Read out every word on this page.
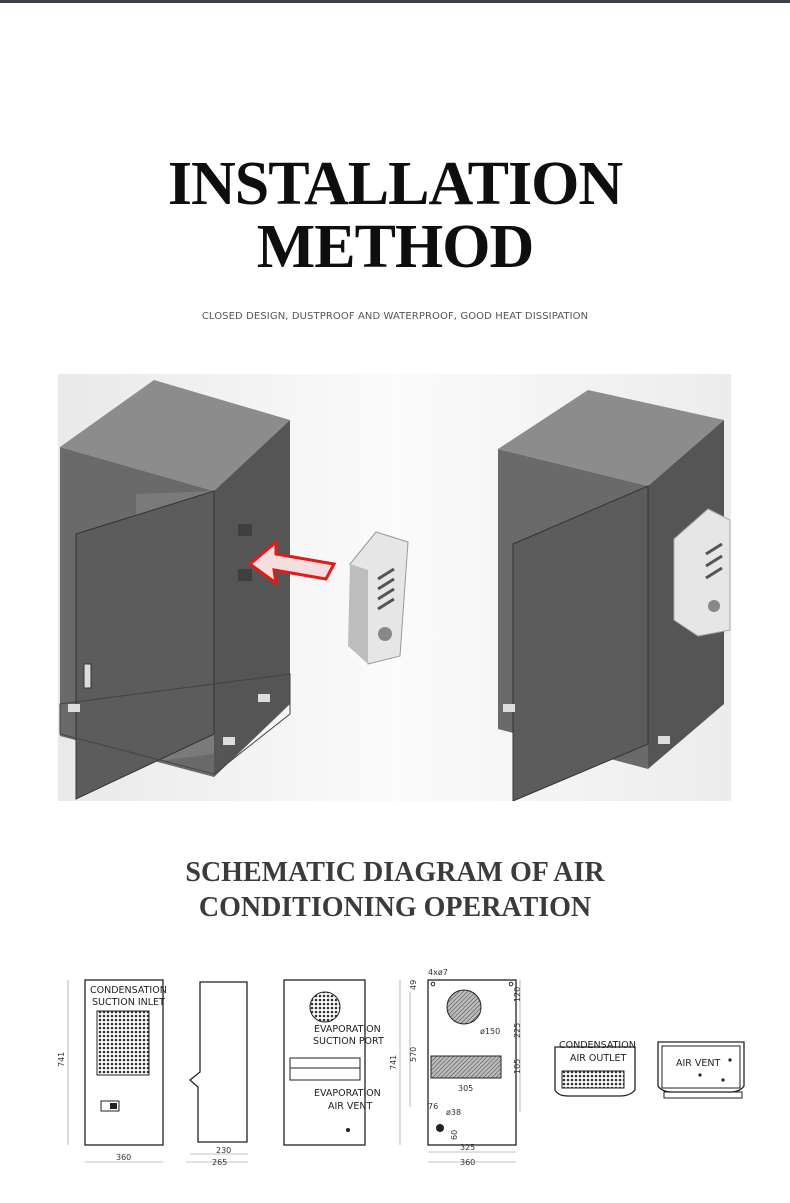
INSTALLATION
METHOD
CLOSED DESIGN, DUSTPROOF AND WATERPROOF, GOOD HEAT DISSIPATION
SCHEMATIC DIAGRAM OF AIR
CONDITIONING OPERATION
CONDENSATION
SUCTION INLET
741
360
230
265
EVAPORATION
SUCTION PORT
EVAPORATION
AIR VENT
4xø7
49
570
741
ø150
120
225
105
305
76
ø38
60
325
360
CONDENSATION
AIR OUTLET	AIR VENT
